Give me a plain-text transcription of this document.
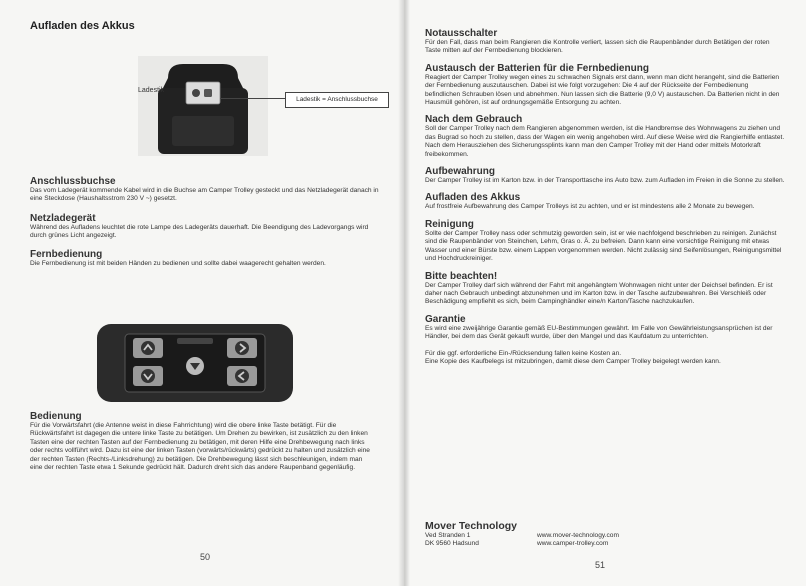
Aufladen des Akkus
Ladestik
Ladestik = Anschlussbuchse
Anschlussbuchse

Das vom Ladegerät kommende Kabel wird in die Buchse am Camper Trolley gesteckt und das Netzladegerät danach in eine Steckdose (Haushaltsstrom 230 V ~) gesetzt.

Netzladegerät

Während des Aufladens leuchtet die rote Lampe des Ladegeräts dauerhaft. Die Beendigung des Ladevorgangs wird durch grünes Licht angezeigt.

Fernbedienung

Die Fernbedienung ist mit beiden Händen zu bedienen und sollte dabei waagerecht gehalten werden.

Bedienung

Für die Vorwärtsfahrt (die Antenne weist in diese Fahrrichtung) wird die obere linke Taste betätigt. Für die Rückwärtsfahrt ist dagegen die untere linke Taste zu betätigen. Um Drehen zu bewirken, ist zusätzlich zu den linken Tasten eine der rechten Tasten auf der Fernbedienung zu betätigen, mit deren Hilfe eine Drehbewegung nach links oder rechts vollführt wird. Dazu ist eine der linken Tasten (vorwärts/rückwärts) gedrückt zu halten und zusätzlich eine der rechten Tasten (Rechts-/Linksdrehung) zu betätigen. Die Drehbewegung lässt sich beschleunigen, indem man eine der rechten Taste etwa 1 Sekunde gedrückt hält. Dadurch dreht sich das andere Raupenband gegenläufig.

50
Notausschalter

Für den Fall, dass man beim Rangieren die Kontrolle verliert, lassen sich die Raupenbänder durch Betätigen der roten Taste mitten auf der Fernbedienung blockieren.

Austausch der Batterien für die Fernbedienung

Reagiert der Camper Trolley wegen eines zu schwachen Signals erst dann, wenn man dicht herangeht, sind die Batterien der Fernbedienung auszutauschen. Dabei ist wie folgt vorzugehen: Die 4 auf der Rückseite der Fernbedienung befindlichen Schrauben lösen und abnehmen. Nun lassen sich die Batterie (9,0 V) austauschen. Da Batterien nicht in den Hausmüll gehören, ist auf ordnungsgemäße Entsorgung zu achten.

Nach dem Gebrauch

Soll der Camper Trolley nach dem Rangieren abgenommen werden, ist die Handbremse des Wohnwagens zu ziehen und das Bugrad so hoch zu stellen, dass der Wagen ein wenig angehoben wird. Auf diese Weise wird die Rangierhilfe entlastet. Nach dem Herausziehen des Sicherungssplints kann man den Camper Trolley mit der Hand oder mittels Motorkraft freibekommen.

Aufbewahrung

Der Camper Trolley ist im Karton bzw. in der Transporttasche ins Auto bzw. zum Aufladen im Freien in die Sonne zu stellen.

Aufladen des Akkus

Auf frostfreie Aufbewahrung des Camper Trolleys ist zu achten, und er ist mindestens alle 2 Monate zu bewegen.

Reinigung

Sollte der Camper Trolley nass oder schmutzig geworden sein, ist er wie nachfolgend beschrieben zu reinigen. Zunächst sind die Raupenbänder von Steinchen, Lehm, Gras o. Ä. zu befreien. Dann kann eine vorsichtige Reinigung mit etwas Wasser und einer Bürste bzw. einem Lappen vorgenommen werden. Nicht zulässig sind Seifenlösungen, Reinigungsmittel und Hochdruckreiniger.

Bitte beachten!

Der Camper Trolley darf sich während der Fahrt mit angehängtem Wohnwagen nicht unter der Deichsel befinden. Er ist daher nach Gebrauch unbedingt abzunehmen und im Karton bzw. in der Tasche aufzubewahren. Bei Verschleiß oder Beschädigung empfiehlt es sich, beim Campinghändler eine/n Karton/Tasche nachzukaufen.

Garantie

Es wird eine zweijährige Garantie gemäß EU-Bestimmungen gewährt. Im Falle von Gewährleistungsansprüchen ist der Händler, bei dem das Gerät gekauft wurde, über den Mangel und das Kaufdatum zu unterrichten.

Für die ggf. erforderliche Ein-/Rücksendung fallen keine Kosten an.

Eine Kopie des Kaufbelegs ist mitzubringen, damit diese dem Camper Trolley beigelegt werden kann.

Mover Technology

Ved Stranden 1

DK 9560 Hadsund

www.mover-technology.com

www.camper-trolley.com

51
